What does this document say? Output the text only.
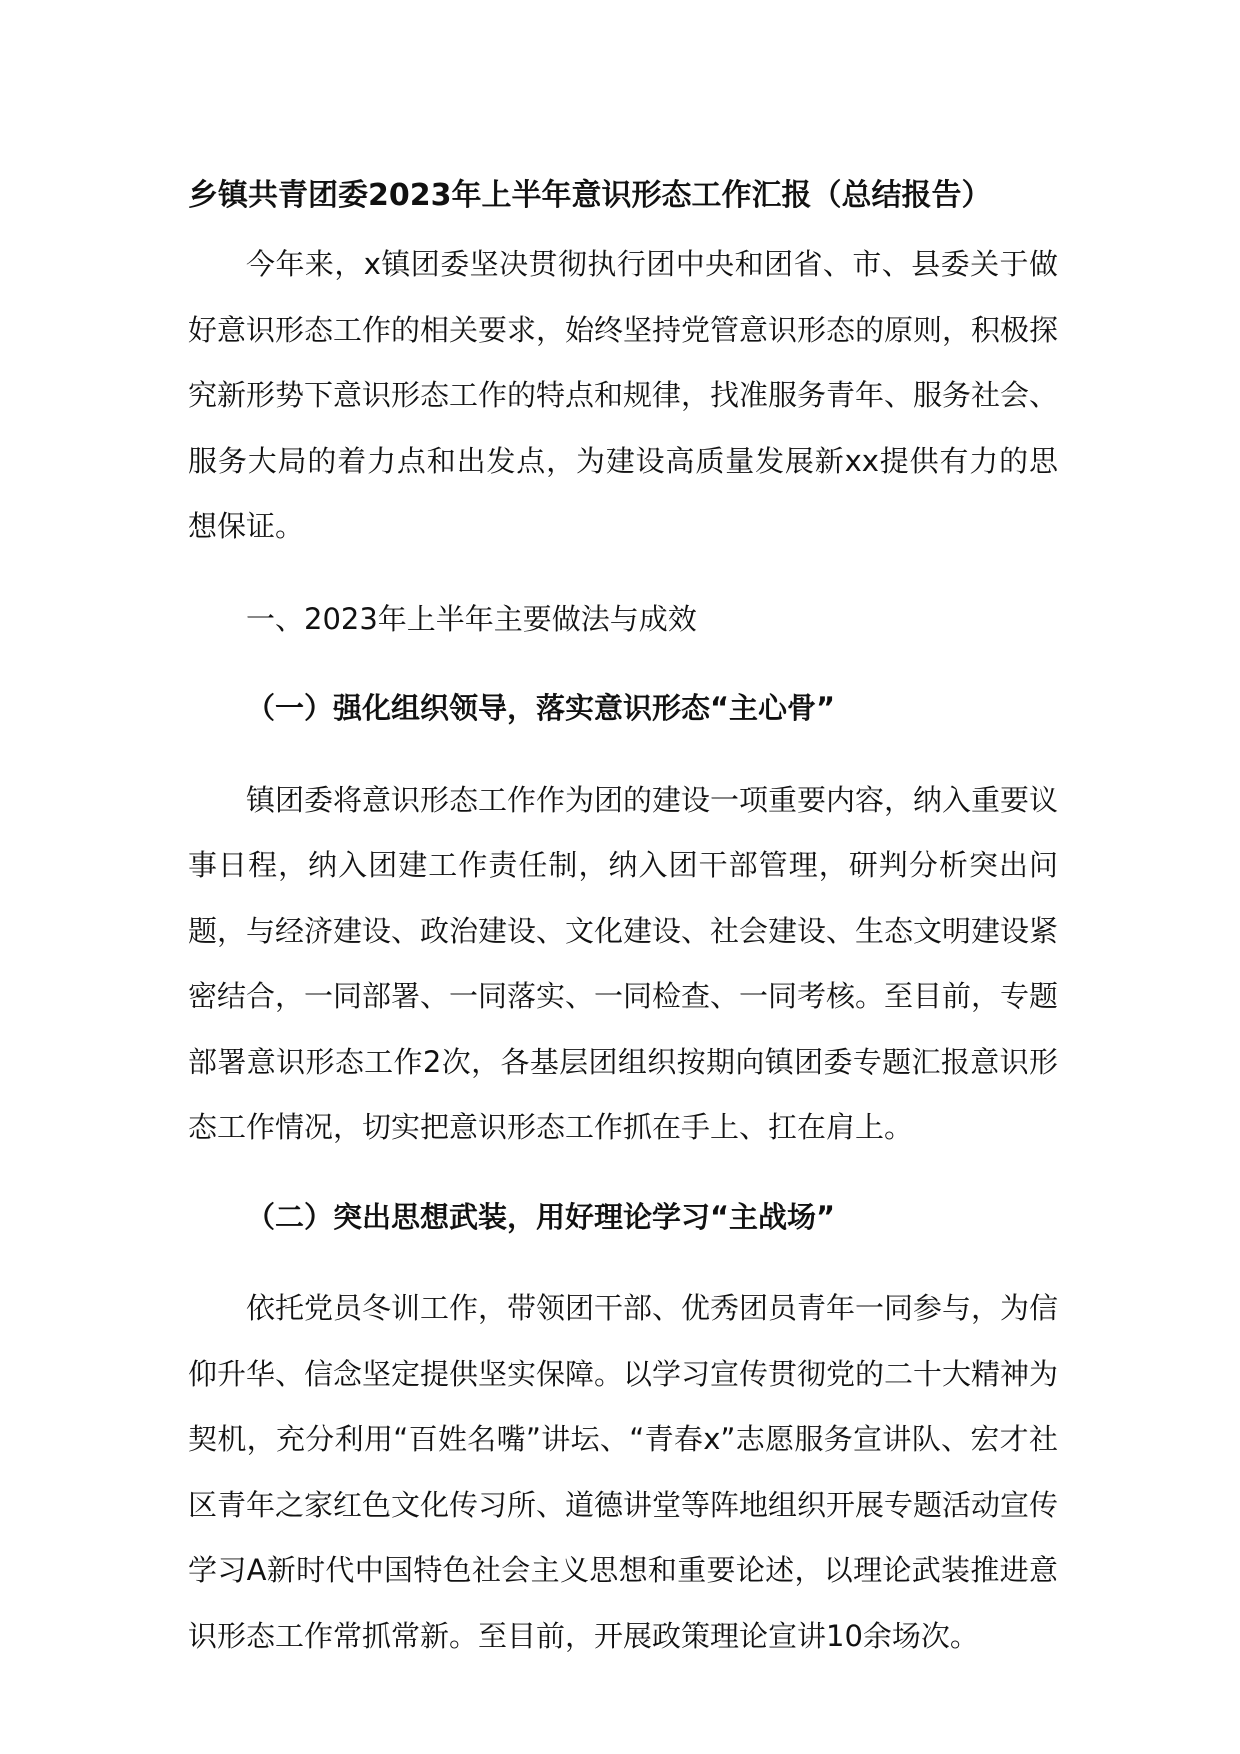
乡镇共青团委2023年上半年意识形态工作汇报（总结报告）

今年来，x镇团委坚决贯彻执行团中央和团省、市、县委关于做好意识形态工作的相关要求，始终坚持党管意识形态的原则，积极探究新形势下意识形态工作的特点和规律，找准服务青年、服务社会、服务大局的着力点和出发点，为建设高质量发展新xx提供有力的思想保证。

一、2023年上半年主要做法与成效

（一）强化组织领导，落实意识形态“主心骨”

镇团委将意识形态工作作为团的建设一项重要内容，纳入重要议事日程，纳入团建工作责任制，纳入团干部管理，研判分析突出问题，与经济建设、政治建设、文化建设、社会建设、生态文明建设紧密结合，一同部署、一同落实、一同检查、一同考核。至目前，专题部署意识形态工作2次，各基层团组织按期向镇团委专题汇报意识形态工作情况，切实把意识形态工作抓在手上、扛在肩上。

（二）突出思想武装，用好理论学习“主战场”

依托党员冬训工作，带领团干部、优秀团员青年一同参与，为信仰升华、信念坚定提供坚实保障。以学习宣传贯彻党的二十大精神为契机，充分利用“百姓名嘴”讲坛、“青春x”志愿服务宣讲队、宏才社区青年之家红色文化传习所、道德讲堂等阵地组织开展专题活动宣传学习A新时代中国特色社会主义思想和重要论述，以理论武装推进意识形态工作常抓常新。至目前，开展政策理论宣讲10余场次。
